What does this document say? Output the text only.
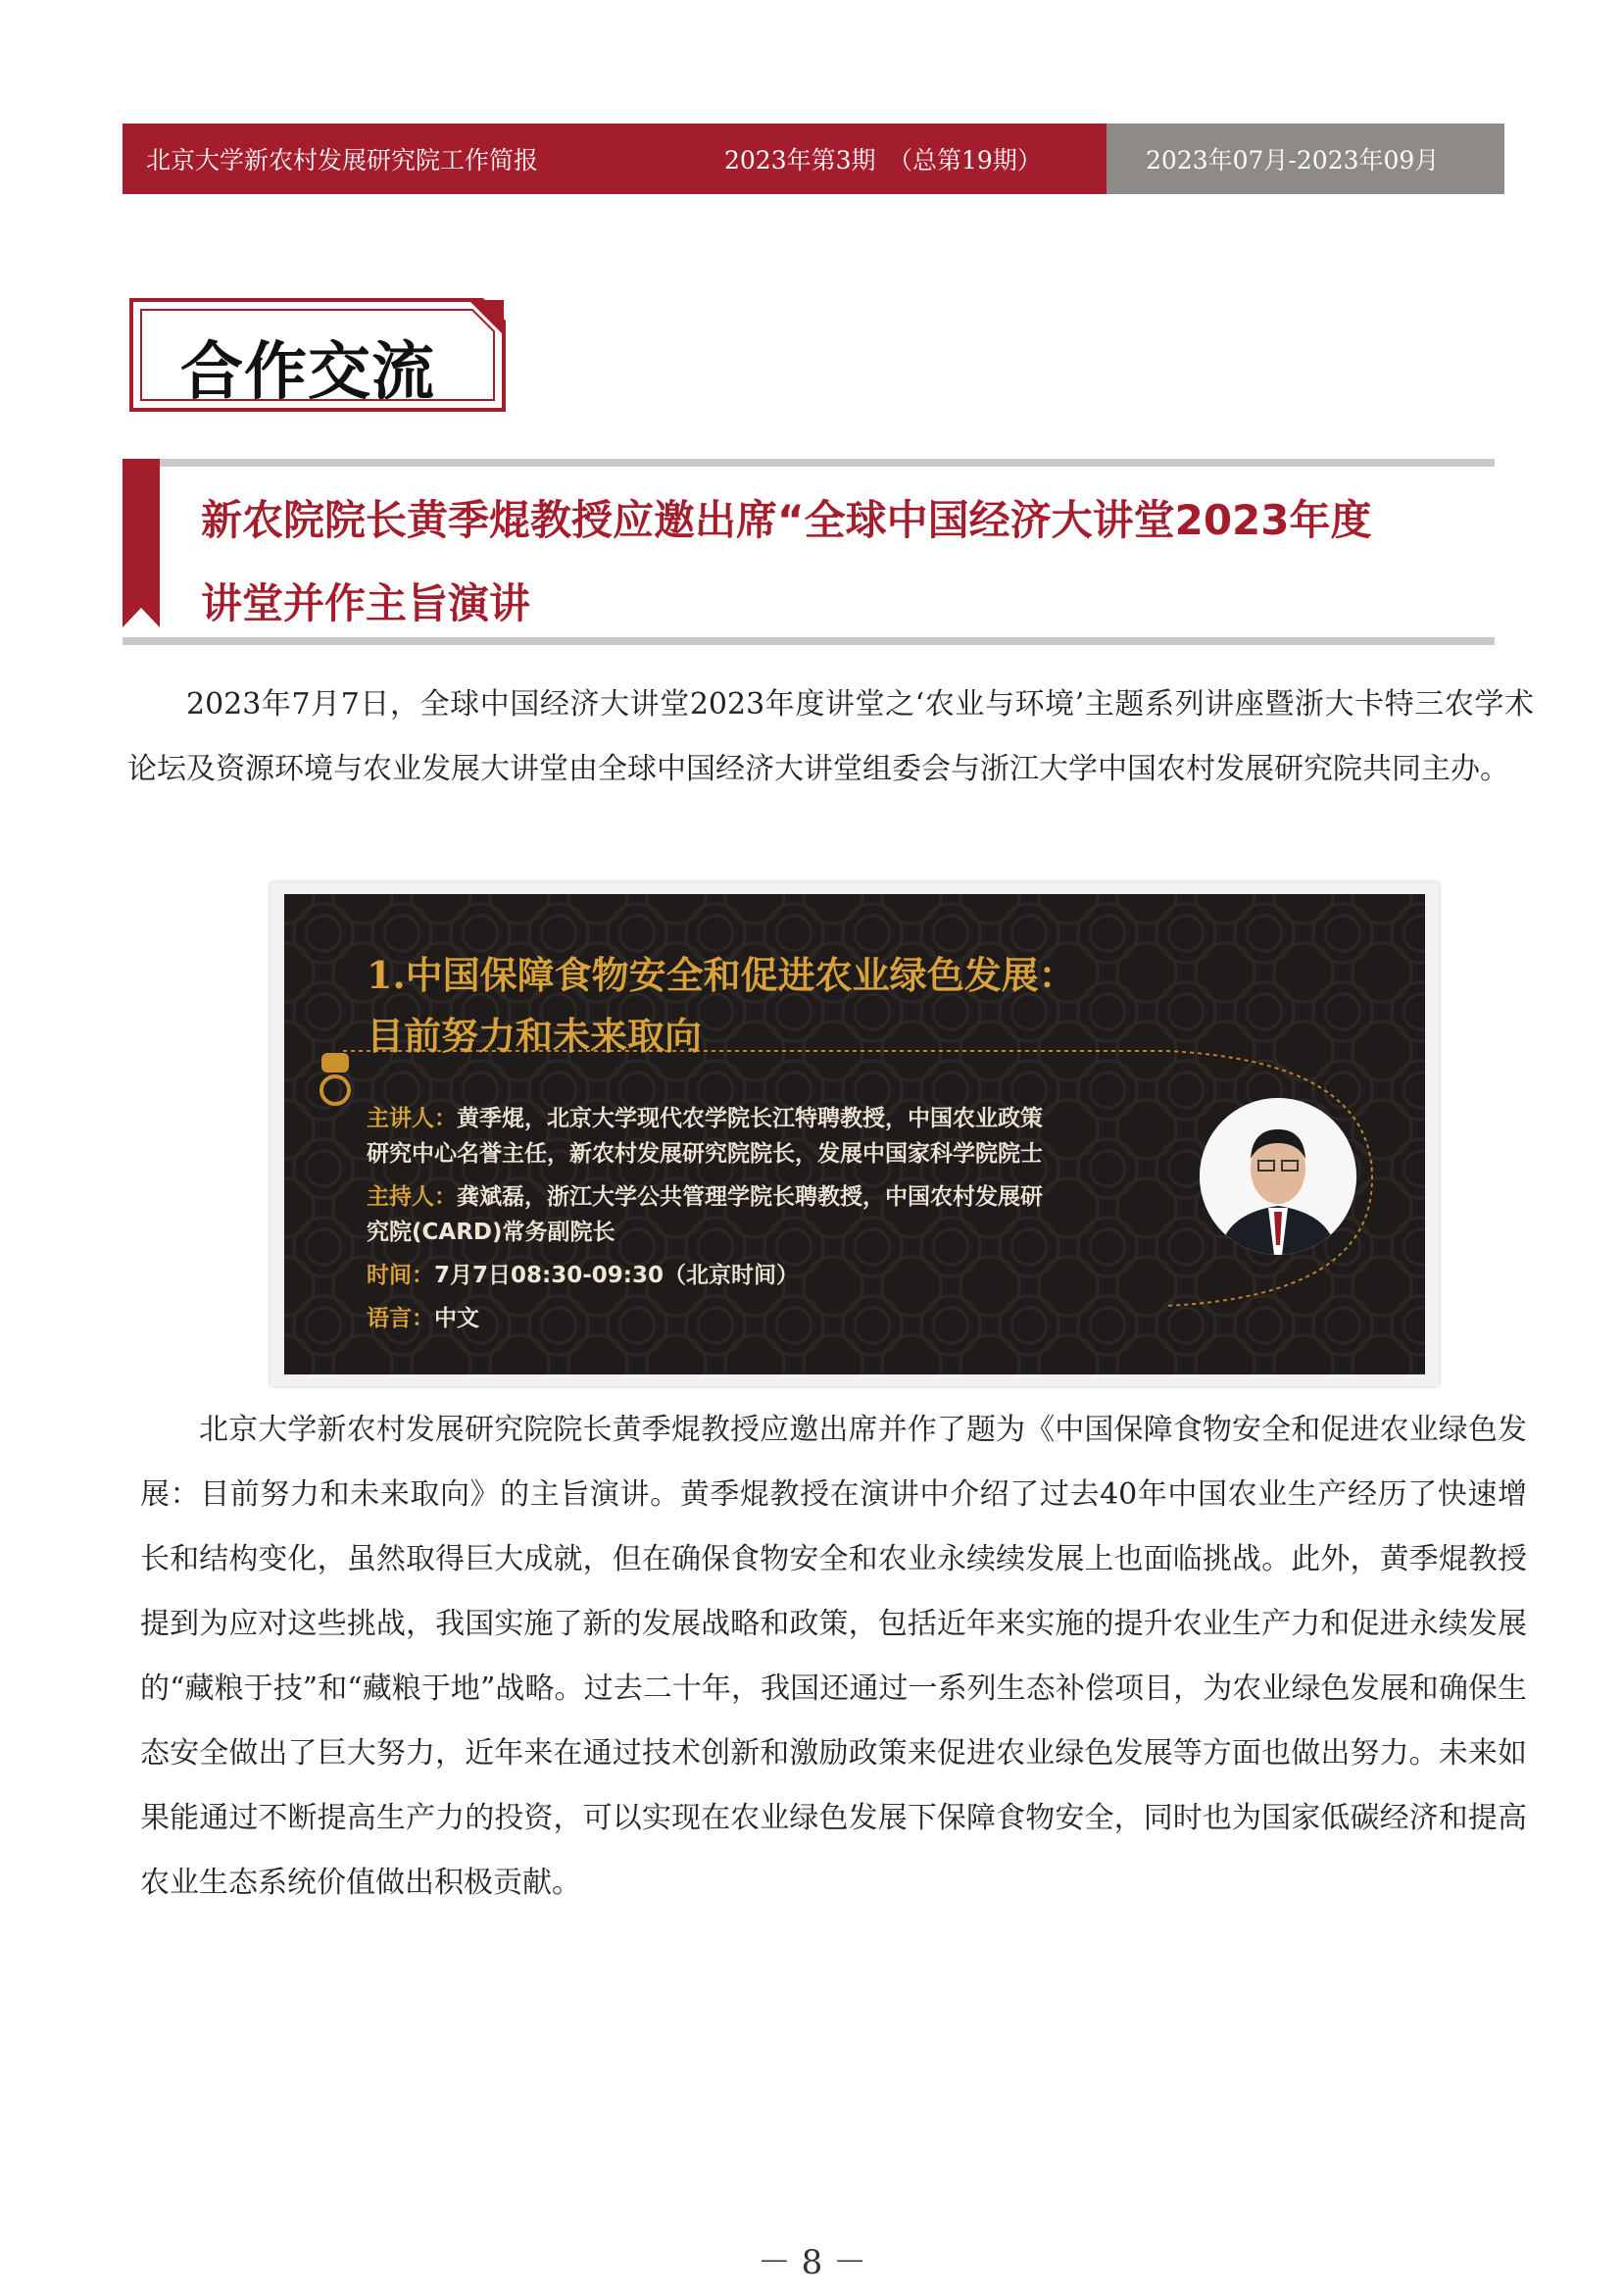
北京大学新农村发展研究院工作简报	2023年第3期　（总第19期）	2023年07月-2023年09月
合作交流
新农院院长黄季焜教授应邀出席“全球中国经济大讲堂2023年度
讲堂并作主旨演讲
2023年7月7日，全球中国经济大讲堂2023年度讲堂之‘农业与环境’主题系列讲座暨浙大卡特三农学术论坛及资源环境与农业发展大讲堂由全球中国经济大讲堂组委会与浙江大学中国农村发展研究院共同主办。
1.中国保障食物安全和促进农业绿色发展：
目前努力和未来取向
主讲人：黄季焜，北京大学现代农学院长江特聘教授，中国农业政策
研究中心名誉主任，新农村发展研究院院长，发展中国家科学院院士
主持人：龚斌磊，浙江大学公共管理学院长聘教授，中国农村发展研
究院(CARD)常务副院长
时间：7月7日08:30-09:30（北京时间）
语言：中文
北京大学新农村发展研究院院长黄季焜教授应邀出席并作了题为《中国保障食物安全和促进农业绿色发展：目前努力和未来取向》的主旨演讲。黄季焜教授在演讲中介绍了过去40年中国农业生产经历了快速增长和结构变化，虽然取得巨大成就，但在确保食物安全和农业永续续发展上也面临挑战。此外，黄季焜教授提到为应对这些挑战，我国实施了新的发展战略和政策，包括近年来实施的提升农业生产力和促进永续发展的“藏粮于技”和“藏粮于地”战略。过去二十年，我国还通过一系列生态补偿项目，为农业绿色发展和确保生态安全做出了巨大努力，近年来在通过技术创新和激励政策来促进农业绿色发展等方面也做出努力。未来如果能通过不断提高生产力的投资，可以实现在农业绿色发展下保障食物安全，同时也为国家低碳经济和提高农业生态系统价值做出积极贡献。
－ 8 －
